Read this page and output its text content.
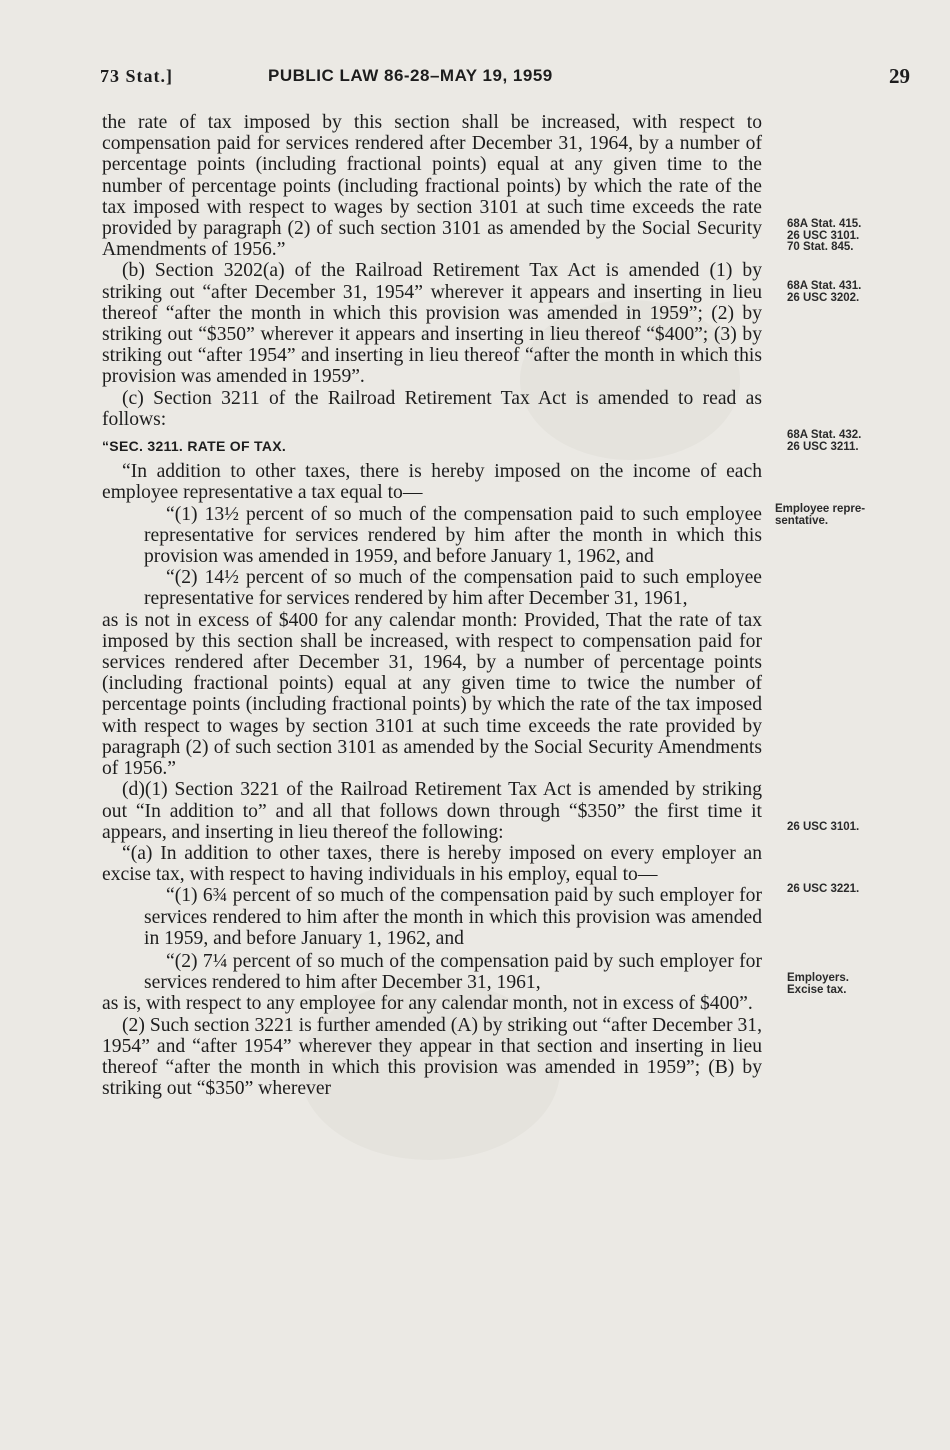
73 Stat.]	PUBLIC LAW 86-28–MAY 19, 1959	29

the rate of tax imposed by this section shall be increased, with respect to compensation paid for services rendered after December 31, 1964, by a number of percentage points (including fractional points) equal at any given time to the number of percentage points (including fractional points) by which the rate of the tax imposed with respect to wages by section 3101 at such time exceeds the rate provided by paragraph (2) of such section 3101 as amended by the Social Security Amendments of 1956.”

(b) Section 3202(a) of the Railroad Retirement Tax Act is amended (1) by striking out “after December 31, 1954” wherever it appears and inserting in lieu thereof “after the month in which this provision was amended in 1959”; (2) by striking out “$350” wherever it appears and inserting in lieu thereof “$400”; (3) by striking out “after 1954” and inserting in lieu thereof “after the month in which this provision was amended in 1959”.

(c) Section 3211 of the Railroad Retirement Tax Act is amended to read as follows:

“SEC. 3211. RATE OF TAX.

“In addition to other taxes, there is hereby imposed on the income of each employee representative a tax equal to—

“(1) 13½ percent of so much of the compensation paid to such employee representative for services rendered by him after the month in which this provision was amended in 1959, and before January 1, 1962, and

“(2) 14½ percent of so much of the compensation paid to such employee representative for services rendered by him after December 31, 1961,

as is not in excess of $400 for any calendar month: Provided, That the rate of tax imposed by this section shall be increased, with respect to compensation paid for services rendered after December 31, 1964, by a number of percentage points (including fractional points) equal at any given time to twice the number of percentage points (including fractional points) by which the rate of the tax imposed with respect to wages by section 3101 at such time exceeds the rate provided by paragraph (2) of such section 3101 as amended by the Social Security Amendments of 1956.”

(d)(1) Section 3221 of the Railroad Retirement Tax Act is amended by striking out “In addition to” and all that follows down through “$350” the first time it appears, and inserting in lieu thereof the following:

“(a) In addition to other taxes, there is hereby imposed on every employer an excise tax, with respect to having individuals in his employ, equal to—

“(1) 6¾ percent of so much of the compensation paid by such employer for services rendered to him after the month in which this provision was amended in 1959, and before January 1, 1962, and

“(2) 7¼ percent of so much of the compensation paid by such employer for services rendered to him after December 31, 1961,

as is, with respect to any employee for any calendar month, not in excess of $400”.

(2) Such section 3221 is further amended (A) by striking out “after December 31, 1954” and “after 1954” wherever they appear in that section and inserting in lieu thereof “after the month in which this provision was amended in 1959”; (B) by striking out “$350” wherever

68A Stat. 415.
26 USC 3101.
70 Stat. 845.
68A Stat. 431.
26 USC 3202.
68A Stat. 432.
26 USC 3211.
Employee repre-
sentative.
26 USC 3101.
26 USC 3221.
Employers.
Excise tax.
